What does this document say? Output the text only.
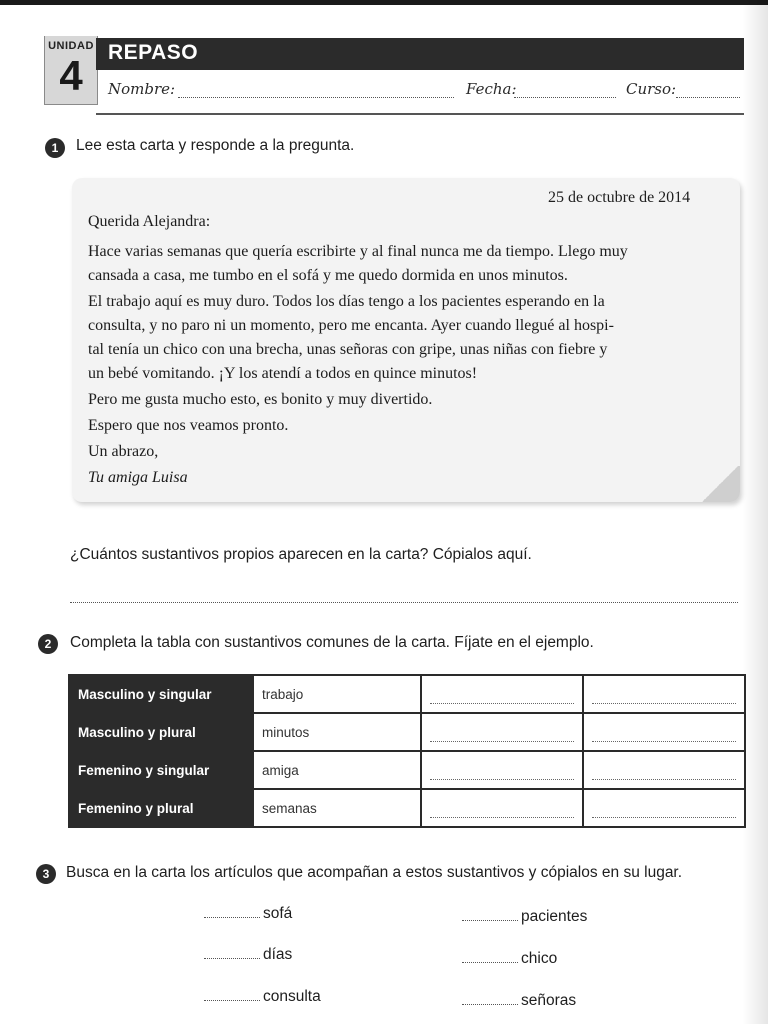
UNIDAD
4	REPASO
Nombre:	Fecha:	Curso:
1	Lee esta carta y responde a la pregunta.
25 de octubre de 2014
Querida Alejandra:
Hace varias semanas que quería escribirte y al final nunca me da tiempo. Llego muy
cansada a casa, me tumbo en el sofá y me quedo dormida en unos minutos.
El trabajo aquí es muy duro. Todos los días tengo a los pacientes esperando en la
consulta, y no paro ni un momento, pero me encanta. Ayer cuando llegué al hospi-
tal tenía un chico con una brecha, unas señoras con gripe, unas niñas con fiebre y
un bebé vomitando. ¡Y los atendí a todos en quince minutos!
Pero me gusta mucho esto, es bonito y muy divertido.
Espero que nos veamos pronto.
Un abrazo,
Tu amiga Luisa
¿Cuántos sustantivos propios aparecen en la carta? Cópialos aquí.
2	Completa la tabla con sustantivos comunes de la carta. Fíjate en el ejemplo.
Masculino y singular	trabajo	

Masculino y plural	minutos	

Femenino y singular	amiga	

Femenino y plural	semanas	

3	Busca en la carta los artículos que acompañan a estos sustantivos y cópialos en su lugar.
sofá
días
consulta
pacientes
chico
señoras
